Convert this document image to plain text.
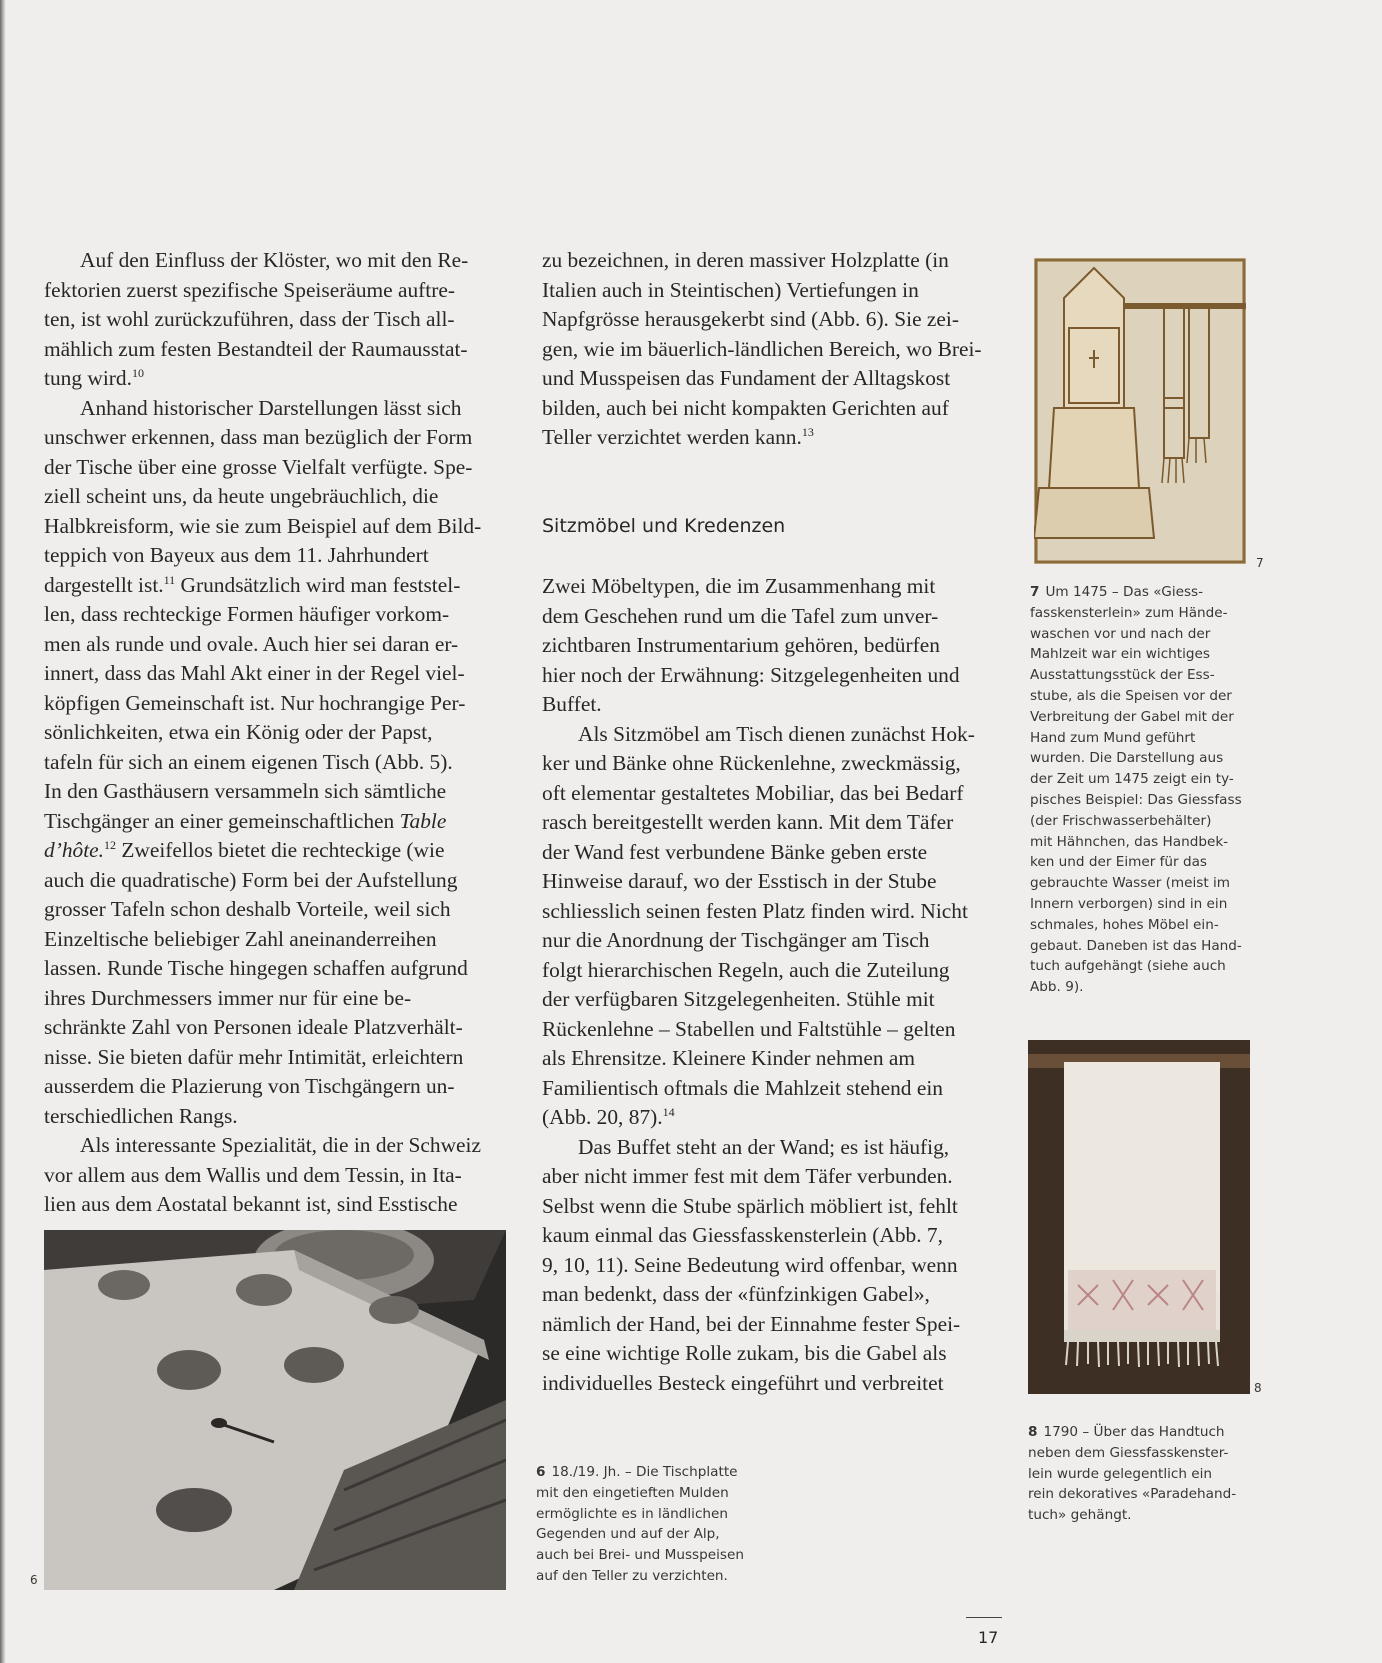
Auf den Einfluss der Klöster, wo mit den Re-
fektorien zuerst spezifische Speiseräume auftre-
ten, ist wohl zurückzuführen, dass der Tisch all-
mählich zum festen Bestandteil der Raumausstat-
tung wird.$^{10}$

Anhand historischer Darstellungen lässt sich
unschwer erkennen, dass man bezüglich der Form
der Tische über eine grosse Vielfalt verfügte. Spe-
ziell scheint uns, da heute ungebräuchlich, die
Halbkreisform, wie sie zum Beispiel auf dem Bild-
teppich von Bayeux aus dem 11. Jahrhundert
dargestellt ist.$^{11}$ Grundsätzlich wird man feststel-
len, dass rechteckige Formen häufiger vorkom-
men als runde und ovale. Auch hier sei daran er-
innert, dass das Mahl Akt einer in der Regel viel-
köpfigen Gemeinschaft ist. Nur hochrangige Per-
sönlichkeiten, etwa ein König oder der Papst,
tafeln für sich an einem eigenen Tisch (Abb. 5).
In den Gasthäusern versammeln sich sämtliche
Tischgänger an einer gemeinschaftlichen Table
d’hôte.$^{12}$ Zweifellos bietet die rechteckige (wie
auch die quadratische) Form bei der Aufstellung
grosser Tafeln schon deshalb Vorteile, weil sich
Einzeltische beliebiger Zahl aneinanderreihen
lassen. Runde Tische hingegen schaffen aufgrund
ihres Durchmessers immer nur für eine be-
schränkte Zahl von Personen ideale Platzverhält-
nisse. Sie bieten dafür mehr Intimität, erleichtern
ausserdem die Plazierung von Tischgängern un-
terschiedlichen Rangs.

Als interessante Spezialität, die in der Schweiz
vor allem aus dem Wallis und dem Tessin, in Ita-
lien aus dem Aostatal bekannt ist, sind Esstische

6

zu bezeichnen, in deren massiver Holzplatte (in
Italien auch in Steintischen) Vertiefungen in
Napfgrösse herausgekerbt sind (Abb. 6). Sie zei-
gen, wie im bäuerlich-ländlichen Bereich, wo Brei-
und Musspeisen das Fundament der Alltagskost
bilden, auch bei nicht kompakten Gerichten auf
Teller verzichtet werden kann.$^{13}$

Sitzmöbel und Kredenzen

Zwei Möbeltypen, die im Zusammenhang mit
dem Geschehen rund um die Tafel zum unver-
zichtbaren Instrumentarium gehören, bedürfen
hier noch der Erwähnung: Sitzgelegenheiten und
Buffet.

Als Sitzmöbel am Tisch dienen zunächst Hok-
ker und Bänke ohne Rückenlehne, zweckmässig,
oft elementar gestaltetes Mobiliar, das bei Bedarf
rasch bereitgestellt werden kann. Mit dem Täfer
der Wand fest verbundene Bänke geben erste
Hinweise darauf, wo der Esstisch in der Stube
schliesslich seinen festen Platz finden wird. Nicht
nur die Anordnung der Tischgänger am Tisch
folgt hierarchischen Regeln, auch die Zuteilung
der verfügbaren Sitzgelegenheiten. Stühle mit
Rückenlehne – Stabellen und Faltstühle – gelten
als Ehrensitze. Kleinere Kinder nehmen am
Familientisch oftmals die Mahlzeit stehend ein
(Abb. 20, 87).$^{14}$

Das Buffet steht an der Wand; es ist häufig,
aber nicht immer fest mit dem Täfer verbunden.
Selbst wenn die Stube spärlich möbliert ist, fehlt
kaum einmal das Giessfasskensterlein (Abb. 7,
9, 10, 11). Seine Bedeutung wird offenbar, wenn
man bedenkt, dass der «fünfzinkigen Gabel»,
nämlich der Hand, bei der Einnahme fester Spei-
se eine wichtige Rolle zukam, bis die Gabel als
individuelles Besteck eingeführt und verbreitet

6 18./19. Jh. – Die Tischplatte
mit den eingetieften Mulden
ermöglichte es in ländlichen
Gegenden und auf der Alp,
auch bei Brei- und Musspeisen
auf den Teller zu verzichten.
7
7 Um 1475 – Das «Giess-
fasskensterlein» zum Hände-
waschen vor und nach der
Mahlzeit war ein wichtiges
Ausstattungsstück der Ess-
stube, als die Speisen vor der
Verbreitung der Gabel mit der
Hand zum Mund geführt
wurden. Die Darstellung aus
der Zeit um 1475 zeigt ein ty-
pisches Beispiel: Das Giessfass
(der Frischwasserbehälter)
mit Hähnchen, das Handbek-
ken und der Eimer für das
gebrauchte Wasser (meist im
Innern verborgen) sind in ein
schmales, hohes Möbel ein-
gebaut. Daneben ist das Hand-
tuch aufgehängt (siehe auch
Abb. 9).
8
8 1790 – Über das Handtuch
neben dem Giessfasskenster-
lein wurde gelegentlich ein
rein dekoratives «Paradehand-
tuch» gehängt.
17
